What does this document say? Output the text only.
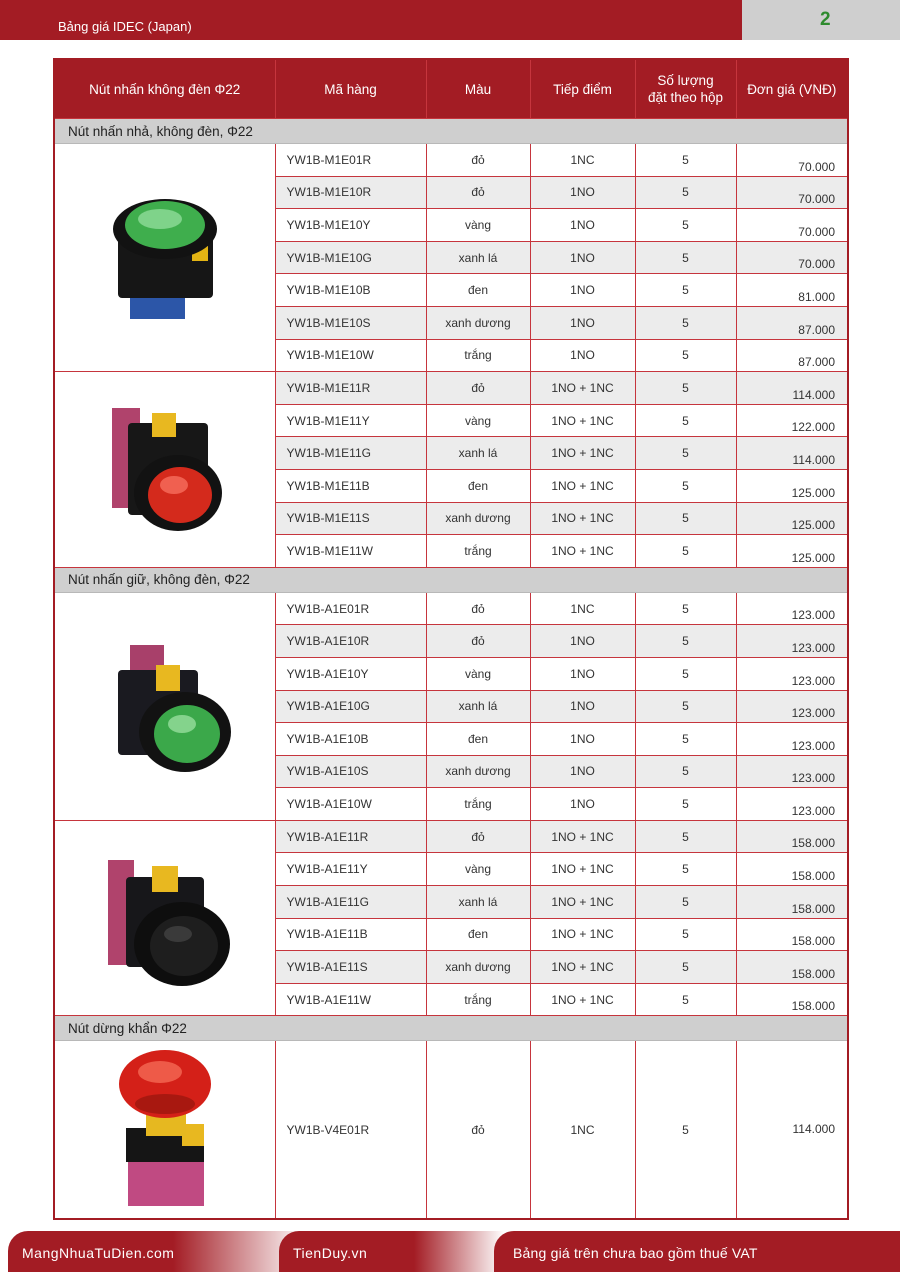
Bảng giá IDEC (Japan)	2
Nút nhấn không đèn Φ22	Mã hàng	Màu	Tiếp điểm	Số lượng
đặt theo hộp	Đơn giá (VNĐ)
Nút nhấn nhả, không đèn, Φ22					
	YW1B-M1E01R	đỏ	1NC	5	70.000
	YW1B-M1E10R	đỏ	1NO	5	70.000
	YW1B-M1E10Y	vàng	1NO	5	70.000
	YW1B-M1E10G	xanh lá	1NO	5	70.000
	YW1B-M1E10B	đen	1NO	5	81.000
	YW1B-M1E10S	xanh dương	1NO	5	87.000
	YW1B-M1E10W	trắng	1NO	5	87.000
	YW1B-M1E11R	đỏ	1NO + 1NC	5	114.000
	YW1B-M1E11Y	vàng	1NO + 1NC	5	122.000
	YW1B-M1E11G	xanh lá	1NO + 1NC	5	114.000
	YW1B-M1E11B	đen	1NO + 1NC	5	125.000
	YW1B-M1E11S	xanh dương	1NO + 1NC	5	125.000
	YW1B-M1E11W	trắng	1NO + 1NC	5	125.000
Nút nhấn giữ, không đèn, Φ22					
	YW1B-A1E01R	đỏ	1NC	5	123.000
	YW1B-A1E10R	đỏ	1NO	5	123.000
	YW1B-A1E10Y	vàng	1NO	5	123.000
	YW1B-A1E10G	xanh lá	1NO	5	123.000
	YW1B-A1E10B	đen	1NO	5	123.000
	YW1B-A1E10S	xanh dương	1NO	5	123.000
	YW1B-A1E10W	trắng	1NO	5	123.000
	YW1B-A1E11R	đỏ	1NO + 1NC	5	158.000
	YW1B-A1E11Y	vàng	1NO + 1NC	5	158.000
	YW1B-A1E11G	xanh lá	1NO + 1NC	5	158.000
	YW1B-A1E11B	đen	1NO + 1NC	5	158.000
	YW1B-A1E11S	xanh dương	1NO + 1NC	5	158.000
	YW1B-A1E11W	trắng	1NO + 1NC	5	158.000
Nút dừng khẩn Φ22					
	YW1B-V4E01R	đỏ	1NC	5	114.000
MangNhuaTuDien.com	TienDuy.vn	Bảng giá trên chưa bao gồm thuế VAT
